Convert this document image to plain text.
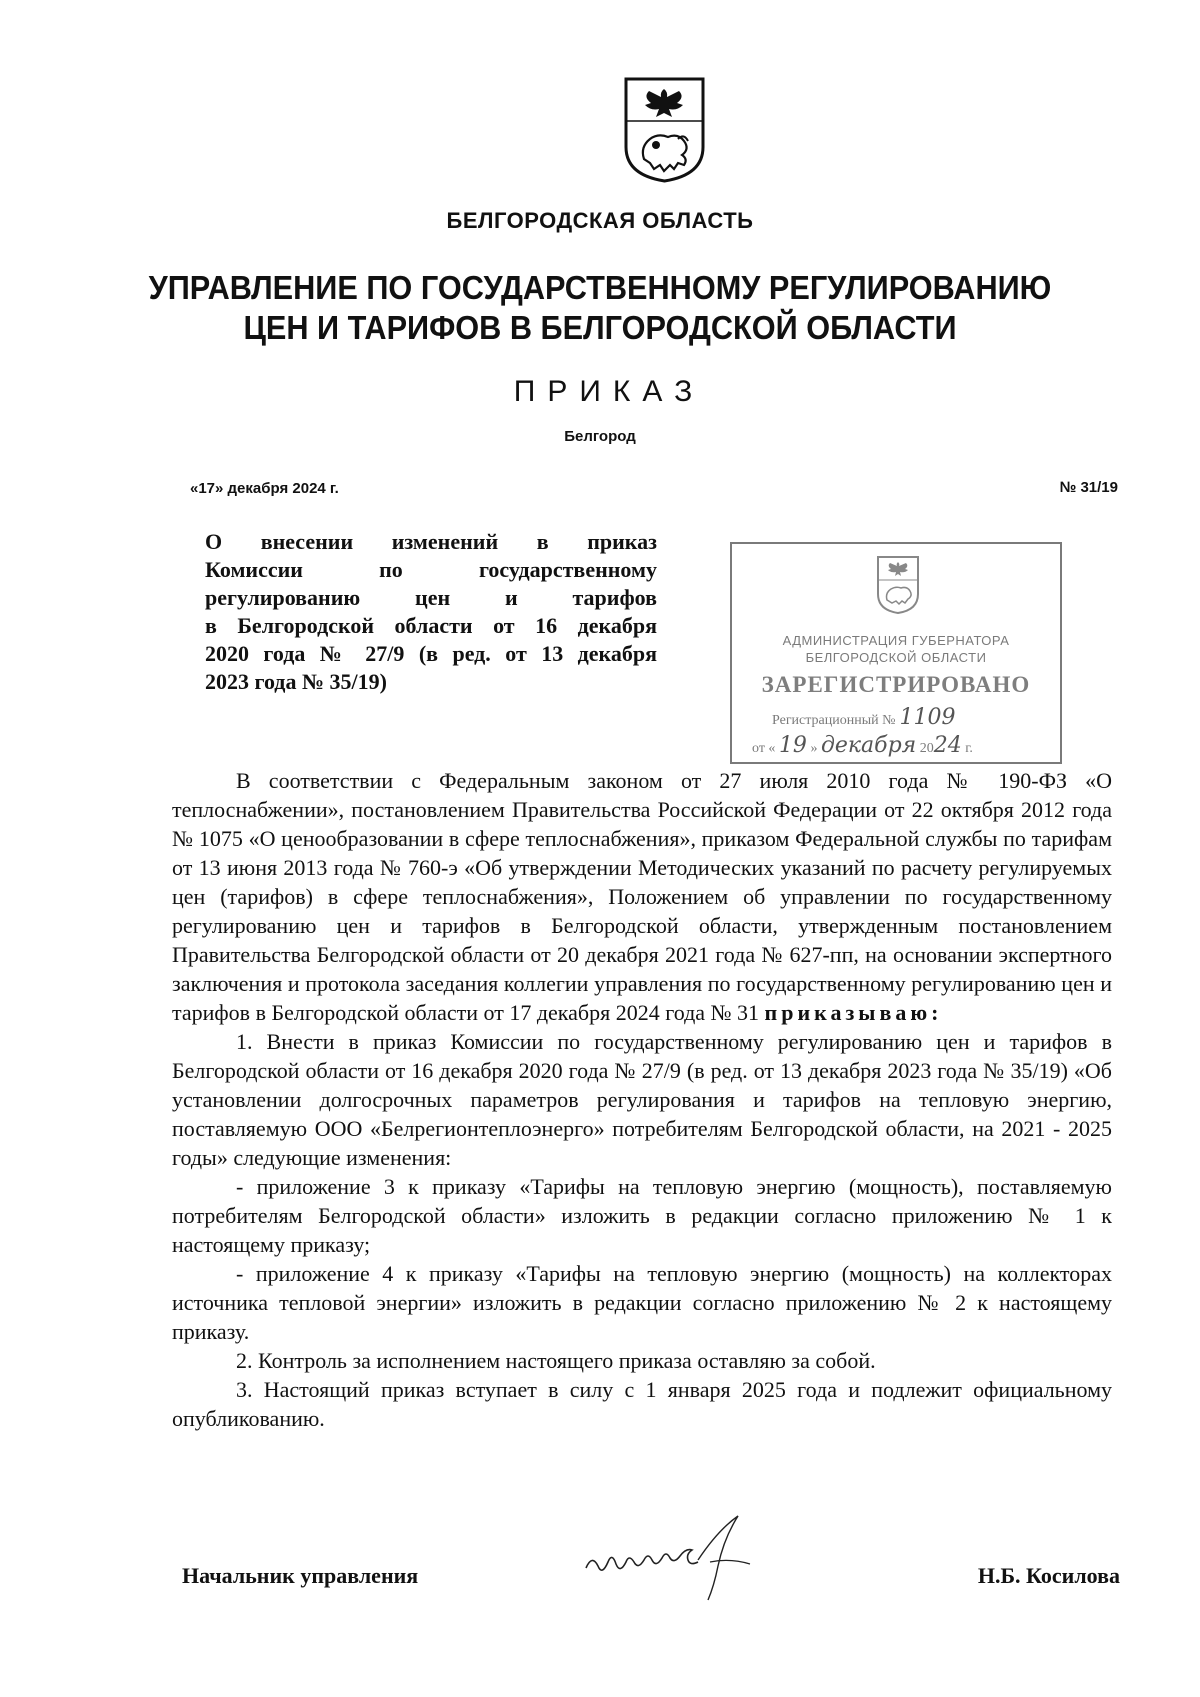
БЕЛГОРОДСКАЯ ОБЛАСТЬ
УПРАВЛЕНИЕ ПО ГОСУДАРСТВЕННОМУ РЕГУЛИРОВАНИЮ
ЦЕН И ТАРИФОВ В БЕЛГОРОДСКОЙ ОБЛАСТИ
ПРИКАЗ
Белгород
«17» декабря 2024 г.	№ 31/19
О внесении изменений в приказ
Комиссии по государственному
регулированию цен и тарифов
в Белгородской области от 16 декабря
2020 года № 27/9 (в ред. от 13 декабря
2023 года № 35/19)
АДМИНИСТРАЦИЯ ГУБЕРНАТОРА
БЕЛГОРОДСКОЙ ОБЛАСТИ
ЗАРЕГИСТРИРОВАНО
Регистрационный № 1109
от « 19 » декабря 2024 г.

В соответствии с Федеральным законом от 27 июля 2010 года № 190-ФЗ «О теплоснабжении», постановлением Правительства Российской Федерации от 22 октября 2012 года № 1075 «О ценообразовании в сфере теплоснабжения», приказом Федеральной службы по тарифам от 13 июня 2013 года № 760-э «Об утверждении Методических указаний по расчету регулируемых цен (тарифов) в сфере теплоснабжения», Положением об управлении по государственному регулированию цен и тарифов в Белгородской области, утвержденным постановлением Правительства Белгородской области от 20 декабря 2021 года № 627-пп, на основании экспертного заключения и протокола заседания коллегии управления по государственному регулированию цен и тарифов в Белгородской области от 17 декабря 2024 года № 31 приказываю:

1. Внести в приказ Комиссии по государственному регулированию цен и тарифов в Белгородской области от 16 декабря 2020 года № 27/9 (в ред. от 13 декабря 2023 года № 35/19) «Об установлении долгосрочных параметров регулирования и тарифов на тепловую энергию, поставляемую ООО «Белрегионтеплоэнерго» потребителям Белгородской области, на 2021 - 2025 годы» следующие изменения:

- приложение 3 к приказу «Тарифы на тепловую энергию (мощность), поставляемую потребителям Белгородской области» изложить в редакции согласно приложению № 1 к настоящему приказу;

- приложение 4 к приказу «Тарифы на тепловую энергию (мощность) на коллекторах источника тепловой энергии» изложить в редакции согласно приложению № 2 к настоящему приказу.

2. Контроль за исполнением настоящего приказа оставляю за собой.

3. Настоящий приказ вступает в силу с 1 января 2025 года и подлежит официальному опубликованию.

Начальник управления	Н.Б. Косилова
